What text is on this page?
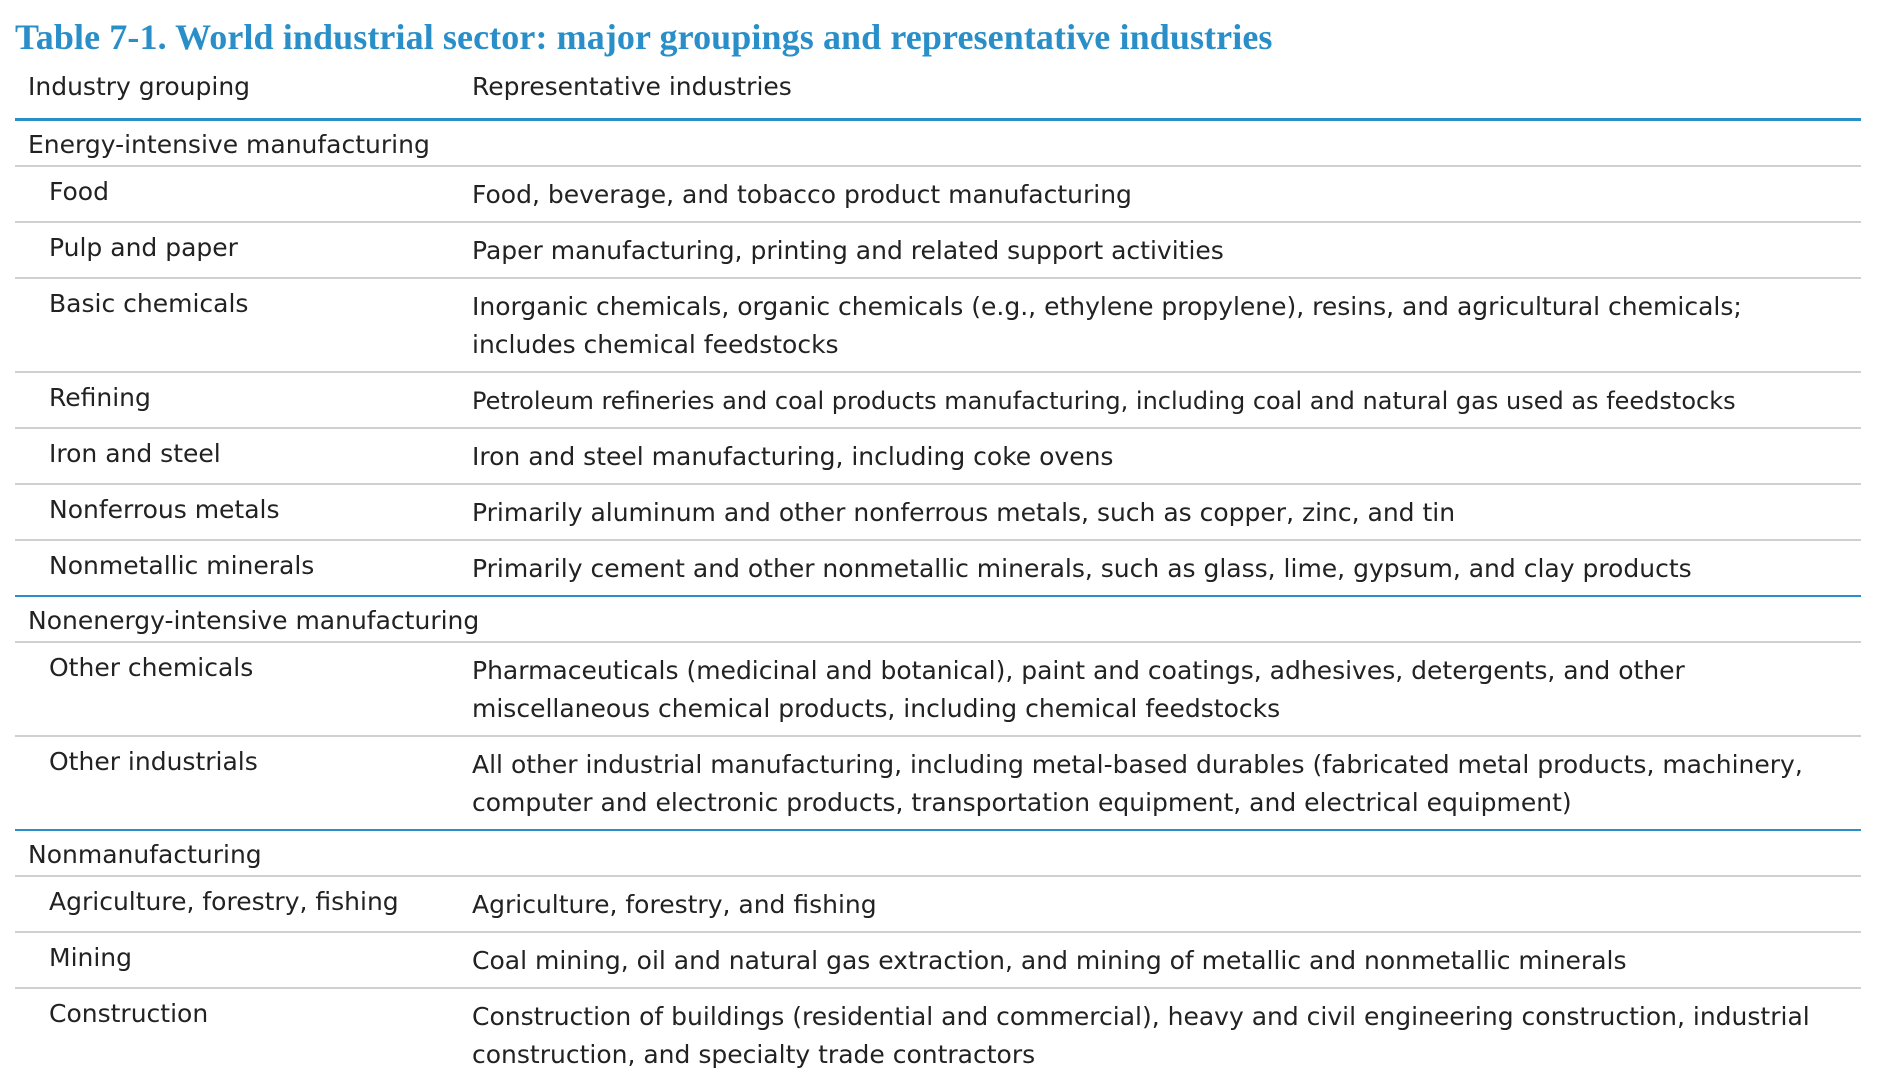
Table 7-1. World industrial sector: major groupings and representative industries
Industry grouping	Representative industries
Energy-intensive manufacturing	
Food	Food, beverage, and tobacco product manufacturing
Pulp and paper	Paper manufacturing, printing and related support activities
Basic chemicals	Inorganic chemicals, organic chemicals (e.g., ethylene propylene), resins, and agricultural chemicals; includes chemical feedstocks
Refining	Petroleum refineries and coal products manufacturing, including coal and natural gas used as feedstocks
Iron and steel	Iron and steel manufacturing, including coke ovens
Nonferrous metals	Primarily aluminum and other nonferrous metals, such as copper, zinc, and tin
Nonmetallic minerals	Primarily cement and other nonmetallic minerals, such as glass, lime, gypsum, and clay products
Nonenergy-intensive manufacturing	
Other chemicals	Pharmaceuticals (medicinal and botanical), paint and coatings, adhesives, detergents, and other miscellaneous chemical products, including chemical feedstocks
Other industrials	All other industrial manufacturing, including metal-based durables (fabricated metal products, machinery, computer and electronic products, transportation equipment, and electrical equipment)
Nonmanufacturing	
Agriculture, forestry, fishing	Agriculture, forestry, and fishing
Mining	Coal mining, oil and natural gas extraction, and mining of metallic and nonmetallic minerals
Construction	Construction of buildings (residential and commercial), heavy and civil engineering construction, industrial construction, and specialty trade contractors
